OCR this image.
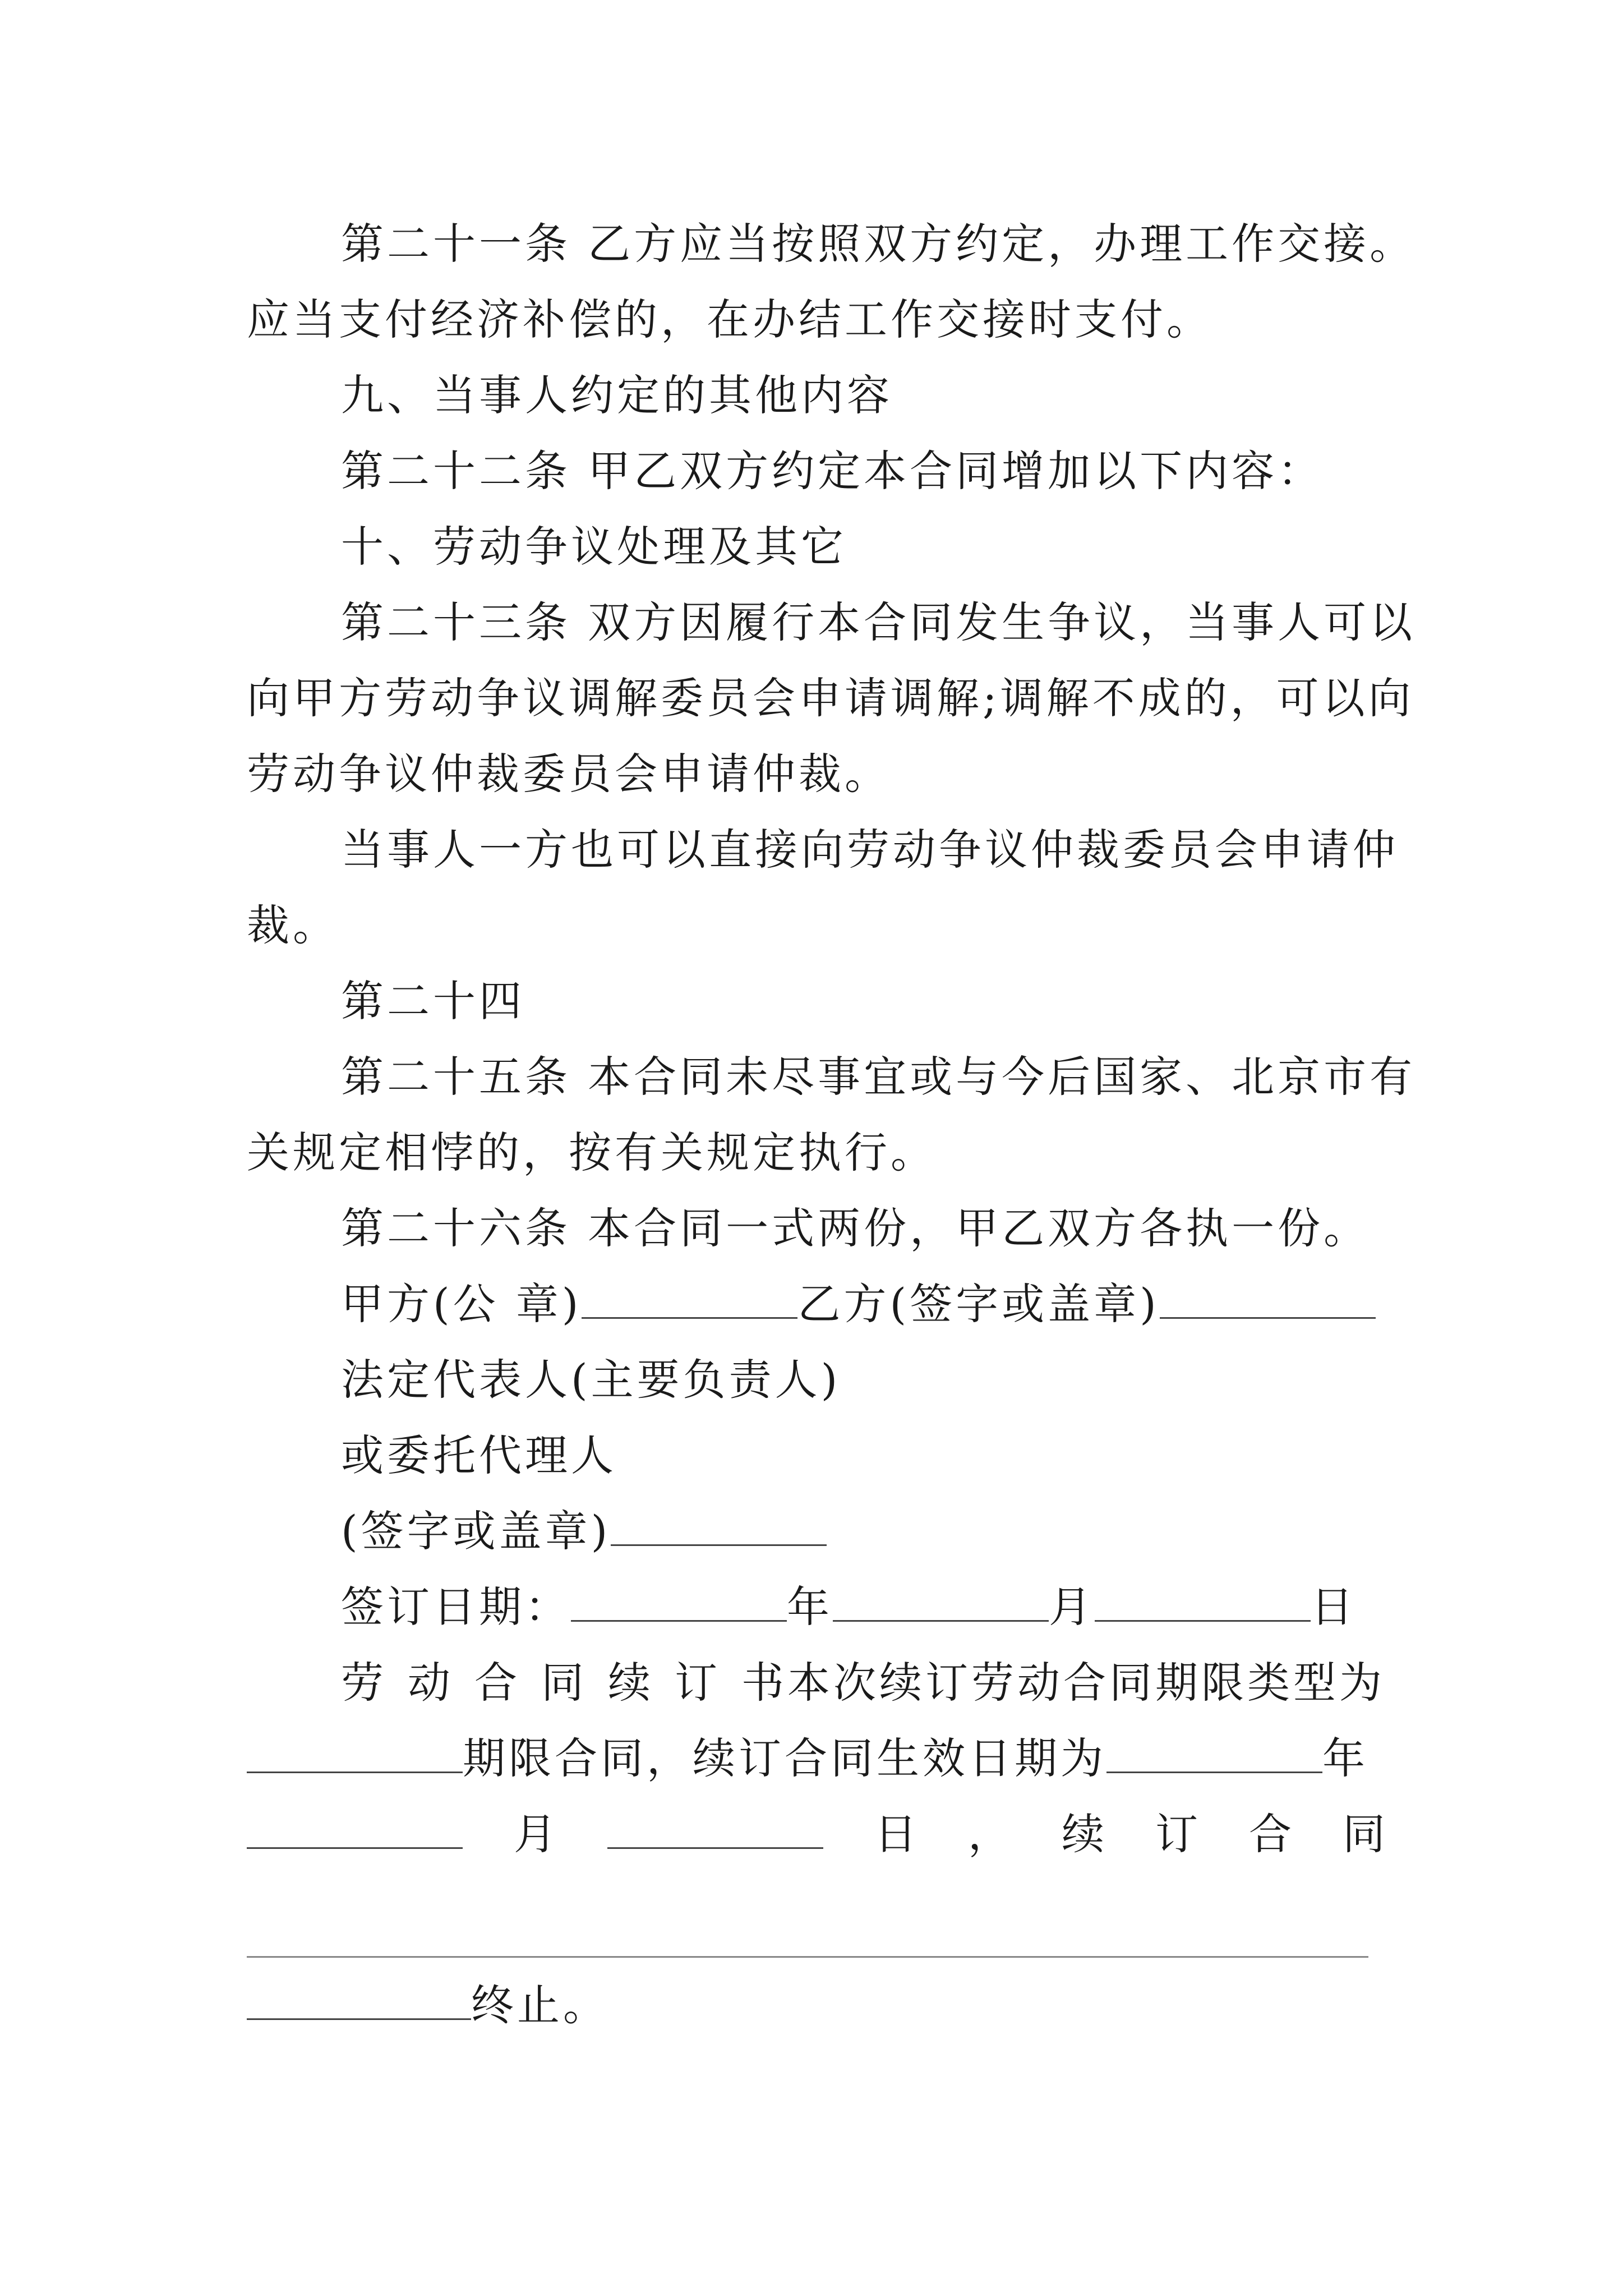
第二十一条 乙方应当按照双方约定，办理工作交接。
应当支付经济补偿的，在办结工作交接时支付。
九、当事人约定的其他内容
第二十二条 甲乙双方约定本合同增加以下内容：
十、劳动争议处理及其它
第二十三条 双方因履行本合同发生争议，当事人可以
向甲方劳动争议调解委员会申请调解;调解不成的，可以向
劳动争议仲裁委员会申请仲裁。
当事人一方也可以直接向劳动争议仲裁委员会申请仲
裁。
第二十四
第二十五条 本合同未尽事宜或与今后国家、北京市有
关规定相悖的，按有关规定执行。
第二十六条 本合同一式两份，甲乙双方各执一份。
甲方(公 章)	乙方(签字或盖章)
法定代表人(主要负责人)
或委托代理人
(签字或盖章)
签订日期：	年	月	日
劳 动 合 同 续 订 书本次续订劳动合同期限类型为
期限合同，续订合同生效日期为	年
月	日 ， 续 订 合 同
终止。
